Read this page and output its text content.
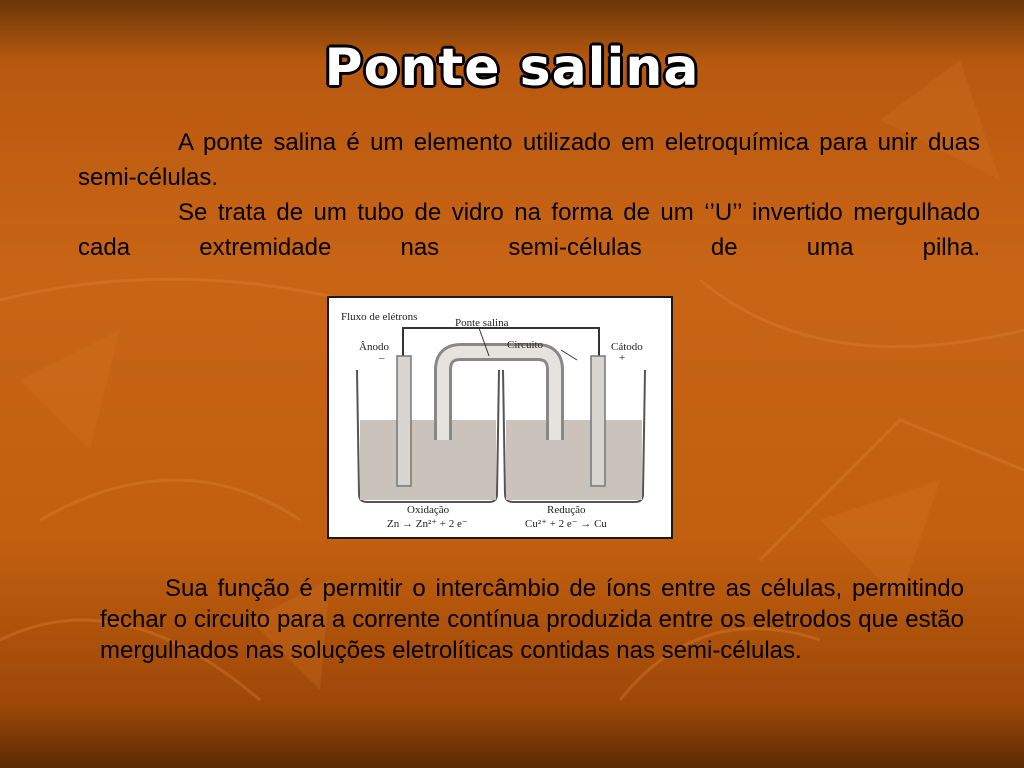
Ponte salina

A ponte salina é um elemento utilizado em eletroquímica para unir duas semi-células.

Se trata de um tubo de vidro na forma de um ‘’U’’ invertido mergulhado cada extremidade nas semi-células de uma pilha.

Fluxo de elétrons	Ponte salina
Circuito
Ânodo
–
Cátodo
+
Oxidação
Zn → Zn²⁺ + 2 e⁻
Redução
Cu²⁺ + 2 e⁻ → Cu

Sua função é permitir o intercâmbio de íons entre as células, permitindo fechar o circuito para a corrente contínua produzida entre os eletrodos que estão mergulhados nas soluções eletrolíticas contidas nas semi-células.
